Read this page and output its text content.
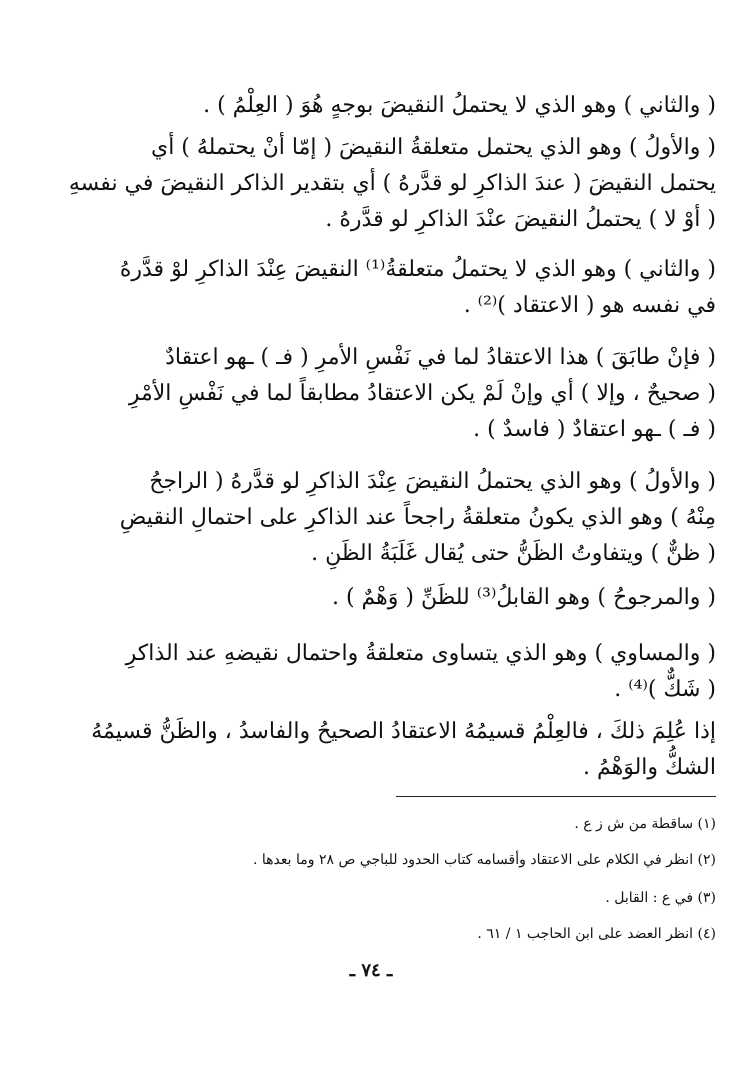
( والثاني ) وهو الذي لا يحتملُ النقيضَ بوجهٍ هُوَ ( العِلْمُ ) .
( والأولُ ) وهو الذي يحتمل متعلقةُ النقيضَ ( إمّا أنْ يحتملهُ ) أي
يحتمل النقيضَ ( عندَ الذاكرِ لو قدَّرهُ ) أي بتقدير الذاكر النقيضَ في نفسهِ
( أوْ لا ) يحتملُ النقيضَ عنْدَ الذاكرِ لو قدَّرهُ .
( والثاني ) وهو الذي لا يحتملُ متعلقةُ⁽¹⁾ النقيضَ عِنْدَ الذاكرِ لوْ قدَّرهُ
في نفسه هو ( الاعتقاد )⁽²⁾ .
( فإنْ طابَقَ ) هذا الاعتقادُ لما في نَفْسِ الأمرِ ( فـ ) ـهو اعتقادٌ
( صحيحٌ ، وإلا ) أي وإنْ لَمْ يكن الاعتقادُ مطابقاً لما في نَفْسِ الأمْرِ
( فـ ) ـهو اعتقادٌ ( فاسدٌ ) .
( والأولُ ) وهو الذي يحتملُ النقيضَ عِنْدَ الذاكرِ لو قدَّرهُ ( الراجحُ
مِنْهُ ) وهو الذي يكونُ متعلقةُ راجحاً عند الذاكرِ على احتمالِ النقيضِ
( ظنٌّ ) ويتفاوتُ الظَنُّ حتى يُقال غَلَبَةُ الظَنِ .
( والمرجوحُ ) وهو القابلُ⁽³⁾ للظَنِّ ( وَهْمٌ ) .
( والمساوي ) وهو الذي يتساوى متعلقةُ واحتمال نقيضهِ عند الذاكرِ
( شَكٌّ )⁽⁴⁾ .
إذا عُلِمَ ذلكَ ، فالعِلْمُ قسيمُهُ الاعتقادُ الصحيحُ والفاسدُ ، والظَنُّ قسيمُهُ
الشكُّ والوَهْمُ .
(١) ساقطة من ش ز ع .
(٢) انظر في الكلام على الاعتقاد وأقسامه كتاب الحدود للباجي ص ٢٨ وما بعدها .
(٣) في ع : القابل .
(٤) انظر العضد على ابن الحاجب ١ / ٦١ .
ـ ٧٤ ـ
